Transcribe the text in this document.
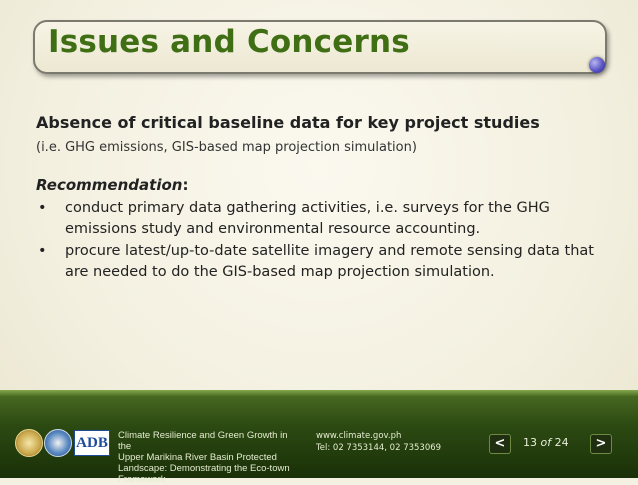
Issues and Concerns

Absence of critical baseline data for key project studies

(i.e. GHG emissions, GIS-based map projection simulation)

Recommendation:

• conduct primary data gathering activities, i.e. surveys for the GHG emissions study and environmental resource accounting.
• procure latest/up-to-date satellite imagery and remote sensing data that are needed to do the GIS-based map projection simulation.
ADB Climate Resilience and Green Growth in the
Upper Marikina River Basin Protected
Landscape: Demonstrating the Eco-town
Framework
www.climate.gov.ph
Tel: 02 7353144, 02 7353069	<	13 of 24	>
